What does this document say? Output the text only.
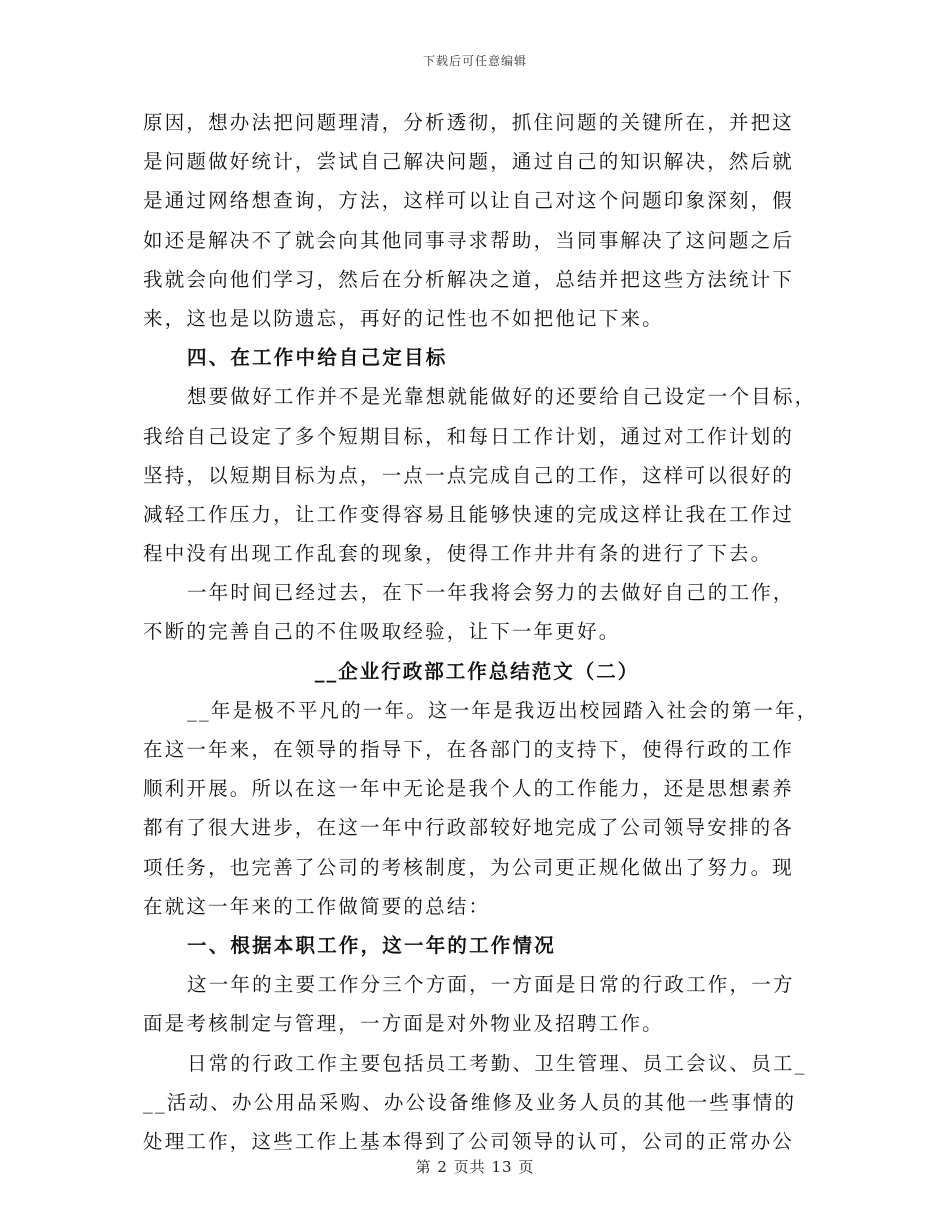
下载后可任意编辑
原因，想办法把问题理清，分析透彻，抓住问题的关键所在，并把这
是问题做好统计，尝试自己解决问题，通过自己的知识解决，然后就
是通过网络想查询，方法，这样可以让自己对这个问题印象深刻，假
如还是解决不了就会向其他同事寻求帮助，当同事解决了这问题之后
我就会向他们学习，然后在分析解决之道，总结并把这些方法统计下
来，这也是以防遗忘，再好的记性也不如把他记下来。
四、在工作中给自己定目标
想要做好工作并不是光靠想就能做好的还要给自己设定一个目标，
我给自己设定了多个短期目标，和每日工作计划，通过对工作计划的
坚持，以短期目标为点，一点一点完成自己的工作，这样可以很好的
减轻工作压力，让工作变得容易且能够快速的完成这样让我在工作过
程中没有出现工作乱套的现象，使得工作井井有条的进行了下去。
一年时间已经过去，在下一年我将会努力的去做好自己的工作，
不断的完善自己的不住吸取经验，让下一年更好。
__企业行政部工作总结范文（二）
__年是极不平凡的一年。这一年是我迈出校园踏入社会的第一年，
在这一年来，在领导的指导下，在各部门的支持下，使得行政的工作
顺利开展。所以在这一年中无论是我个人的工作能力，还是思想素养
都有了很大进步，在这一年中行政部较好地完成了公司领导安排的各
项任务，也完善了公司的考核制度，为公司更正规化做出了努力。现
在就这一年来的工作做简要的总结：
一、根据本职工作，这一年的工作情况
这一年的主要工作分三个方面，一方面是日常的行政工作，一方
面是考核制定与管理，一方面是对外物业及招聘工作。
日常的行政工作主要包括员工考勤、卫生管理、员工会议、员工_
__活动、办公用品采购、办公设备维修及业务人员的其他一些事情的
处理工作，这些工作上基本得到了公司领导的认可，公司的正常办公
第 2 页共 13 页
